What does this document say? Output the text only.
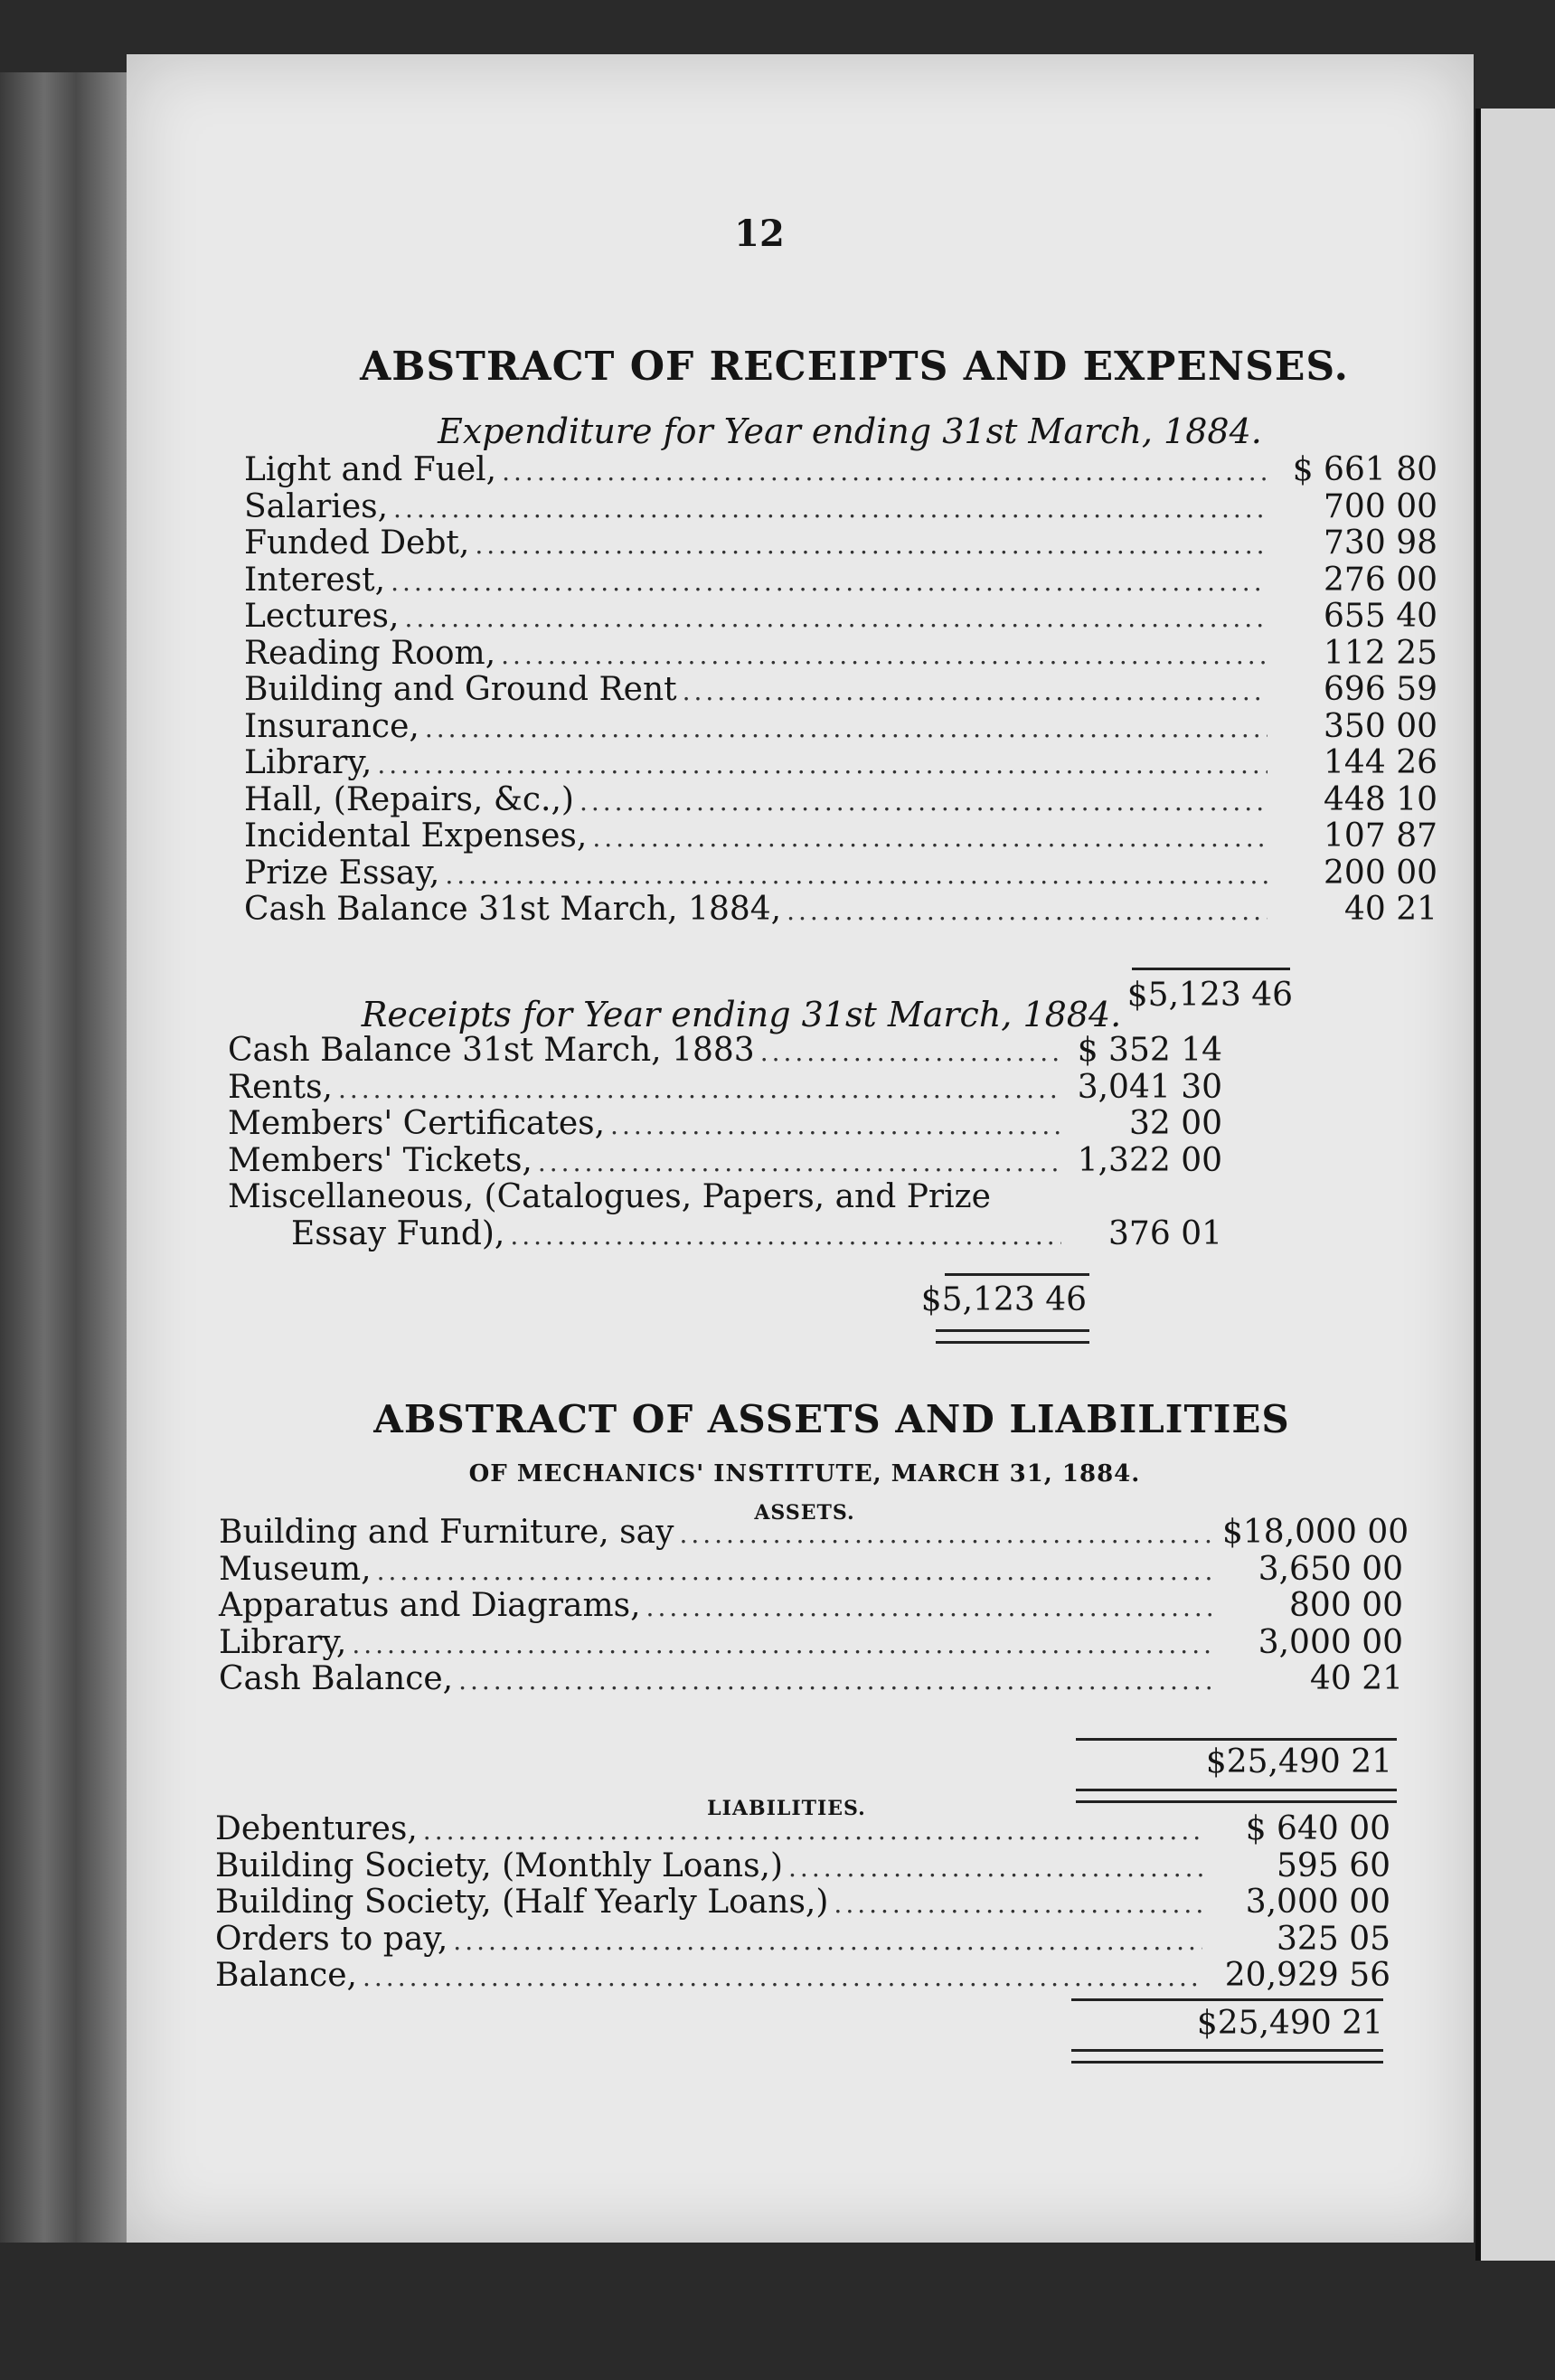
12
ABSTRACT OF RECEIPTS AND EXPENSES.
Expenditure for Year ending 31st March, 1884.
Light and Fuel, .....	$ 661 80
Salaries, .....	700 00
Funded Debt, .....	730 98
Interest, .....	276 00
Lectures, .....	655 40
Reading Room, .....	112 25
Building and Ground Rent .....	696 59
Insurance, .....	350 00
Library, .....	144 26
Hall, (Repairs, &c.,) .....	448 10
Incidental Expenses, .....	107 87
Prize Essay, .....	200 00
Cash Balance 31st March, 1884, .....	40 21
$5,123 46
Receipts for Year ending 31st March, 1884.
Cash Balance 31st March, 1883 .....	$ 352 14
Rents, .....	3,041 30
Members' Certificates, .....	32 00
Members' Tickets, .....	1,322 00
Miscellaneous, (Catalogues, Papers, and Prize
Essay Fund), .....	376 01
$5,123 46
ABSTRACT OF ASSETS AND LIABILITIES
OF MECHANICS' INSTITUTE, MARCH 31, 1884.
ASSETS.
Building and Furniture, say .....	$18,000 00
Museum, .....	3,650 00
Apparatus and Diagrams, .....	800 00
Library, .....	3,000 00
Cash Balance, .....	40 21
$25,490 21
LIABILITIES.
Debentures, .....	$ 640 00
Building Society, (Monthly Loans,) .....	595 60
Building Society, (Half Yearly Loans,) .....	3,000 00
Orders to pay, .....	325 05
Balance, .....	20,929 56
$25,490 21
